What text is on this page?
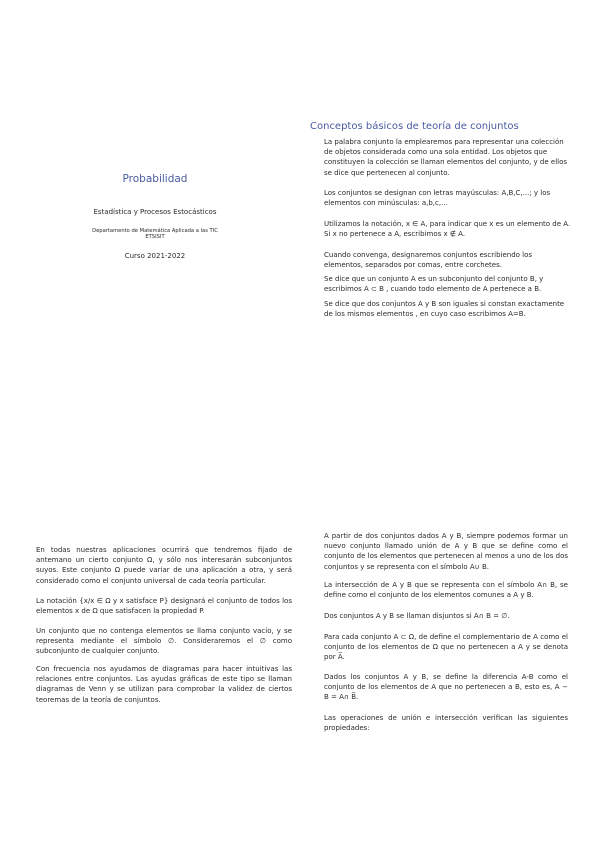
Probabilidad
Estadística y Procesos Estocásticos
Departamento de Matemática Aplicada a las TIC
ETSISIT
Curso 2021-2022
Conceptos básicos de teoría de conjuntos
La palabra conjunto la emplearemos para representar una colección de objetos considerada como una sola entidad. Los objetos que constituyen la colección se llaman elementos del conjunto, y de ellos se dice que pertenecen al conjunto.
Los conjuntos se designan con letras mayúsculas: A,B,C,...; y los elementos con minúsculas: a,b,c,...
Utilizamos la notación, x ∈ A, para indicar que x es un elemento de A. Si x no pertenece a A, escribimos x ∉ A.
Cuando convenga, designaremos conjuntos escribiendo los elementos, separados por comas, entre corchetes.
Se dice que un conjunto A es un subconjunto del conjunto B, y escribimos A ⊂ B , cuando todo elemento de A pertenece a B.
Se dice que dos conjuntos A y B son iguales si constan exactamente de los mismos elementos , en cuyo caso escribimos A=B.
En todas nuestras aplicaciones ocurrirá que tendremos fijado de antemano un cierto conjunto Ω, y sólo nos interesarán subconjuntos suyos. Este conjunto Ω puede variar de una aplicación a otra, y será considerado como el conjunto universal de cada teoría particular.
La notación {x/x ∈ Ω y x satisface P} designará el conjunto de todos los elementos x de Ω que satisfacen la propiedad P.
Un conjunto que no contenga elementos se llama conjunto vacío, y se representa mediante el símbolo ∅. Consideraremos el ∅ como subconjunto de cualquier conjunto.
Con frecuencia nos ayudamos de diagramas para hacer intuitivas las relaciones entre conjuntos. Las ayudas gráficas de este tipo se llaman diagramas de Venn y se utilizan para comprobar la validez de ciertos teoremas de la teoría de conjuntos.
A partir de dos conjuntos dados A y B, siempre podemos formar un nuevo conjunto llamado unión de A y B que se define como el conjunto de los elementos que pertenecen al menos a uno de los dos conjuntos y se representa con el símbolo A∪ B.
La intersección de A y B que se representa con el símbolo A∩ B, se define como el conjunto de los elementos comunes a A y B.
Dos conjuntos A y B se llaman disjuntos si A∩ B = ∅.
Para cada conjunto A ⊂ Ω, de define el complementario de A como el conjunto de los elementos de Ω que no pertenecen a A y se denota por A̅.
Dados los conjuntos A y B, se define la diferencia A-B como el conjunto de los elementos de A que no pertenecen a B, esto es, A − B = A∩ B̅.
Las operaciones de unión e intersección verifican las siguientes propiedades:
